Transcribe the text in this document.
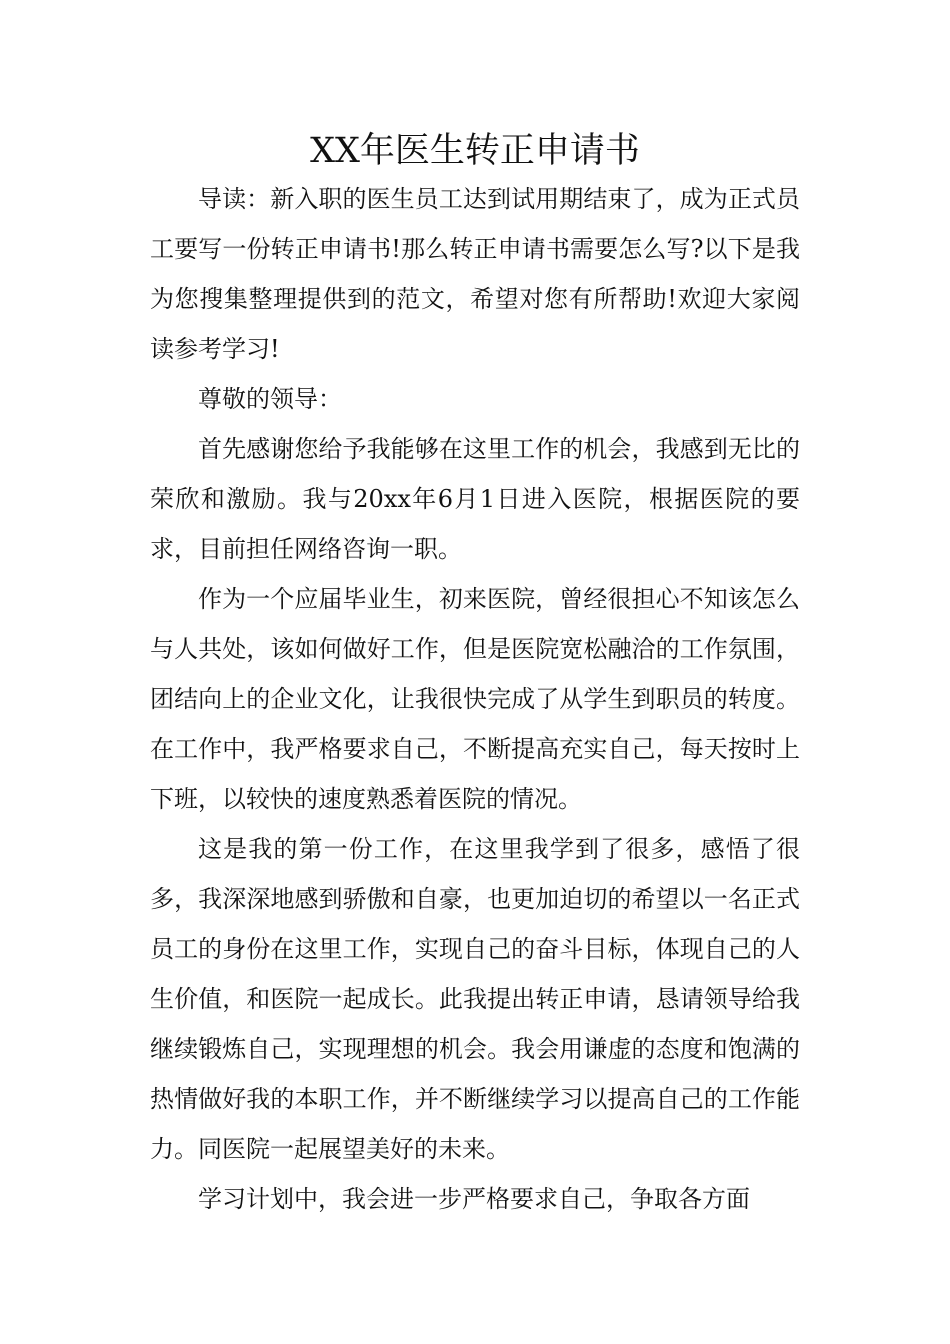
XX年医生转正申请书

导读：新入职的医生员工达到试用期结束了，成为正式员工要写一份转正申请书!那么转正申请书需要怎么写?以下是我为您搜集整理提供到的范文，希望对您有所帮助!欢迎大家阅读参考学习!

尊敬的领导：

首先感谢您给予我能够在这里工作的机会，我感到无比的荣欣和激励。我与20xx年6月1日进入医院，根据医院的要求，目前担任网络咨询一职。

作为一个应届毕业生，初来医院，曾经很担心不知该怎么与人共处，该如何做好工作，但是医院宽松融洽的工作氛围，团结向上的企业文化，让我很快完成了从学生到职员的转度。在工作中，我严格要求自己，不断提高充实自己，每天按时上下班，以较快的速度熟悉着医院的情况。

这是我的第一份工作，在这里我学到了很多，感悟了很多，我深深地感到骄傲和自豪，也更加迫切的希望以一名正式员工的身份在这里工作，实现自己的奋斗目标，体现自己的人生价值，和医院一起成长。此我提出转正申请，恳请领导给我继续锻炼自己，实现理想的机会。我会用谦虚的态度和饱满的热情做好我的本职工作，并不断继续学习以提高自己的工作能力。同医院一起展望美好的未来。

学习计划中，我会进一步严格要求自己，争取各方面
